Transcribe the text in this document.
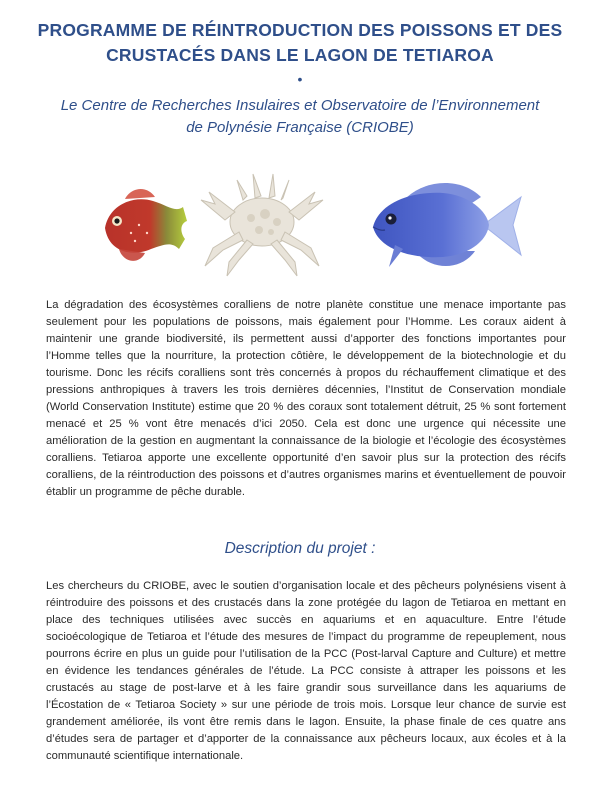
PROGRAMME DE RÉINTRODUCTION DES POISSONS ET DES CRUSTACÉS DANS LE LAGON DE TETIAROA
•
Le Centre de Recherches Insulaires et Observatoire de l’Environnement de Polynésie Française (CRIOBE)

La dégradation des écosystèmes coralliens de notre planète constitue une menace importante pas seulement pour les populations de poissons, mais également pour l’Homme. Les coraux aident à maintenir une grande biodiversité, ils permettent aussi d’apporter des fonctions importantes pour l’Homme telles que la nourriture, la protection côtière, le développement de la biotechnologie et du tourisme. Donc les récifs coralliens sont très concernés à propos du réchauffement climatique et des pressions anthropiques à travers les trois dernières décennies, l’Institut de Conservation mondiale (World Conservation Institute) estime que 20 % des coraux sont totalement détruit, 25 % sont fortement menacé et 25 % vont être menacés d’ici 2050. Cela est donc une urgence qui nécessite une amélioration de la gestion en augmentant la connaissance de la biologie et l’écologie des écosystèmes coralliens. Tetiaroa apporte une excellente opportunité d’en savoir plus sur la protection des récifs coralliens, de la réintroduction des poissons et d’autres organismes marins et éventuellement de pouvoir établir un programme de pêche durable.

Description du projet :

Les chercheurs du CRIOBE, avec le soutien d’organisation locale et des pêcheurs polynésiens visent à réintroduire des poissons et des crustacés dans la zone protégée du lagon de Tetiaroa en mettant en place des techniques utilisées avec succès en aquariums et en aquaculture. Entre l’étude socioécologique de Tetiaroa et l’étude des mesures de l’impact du programme de repeuplement, nous pourrons écrire en plus un guide pour l’utilisation de la PCC (Post-larval Capture and Culture) et mettre en évidence les tendances générales de l’étude. La PCC consiste à attraper les poissons et les crustacés au stage de post-larve et à les faire grandir sous surveillance dans les aquariums de l’Écostation de « Tetiaroa Society » sur une période de trois mois. Lorsque leur chance de survie est grandement améliorée, ils vont être remis dans le lagon. Ensuite, la phase finale de ces quatre ans d’études sera de partager et d’apporter de la connaissance aux pêcheurs locaux, aux écoles et à la communauté scientifique internationale.
